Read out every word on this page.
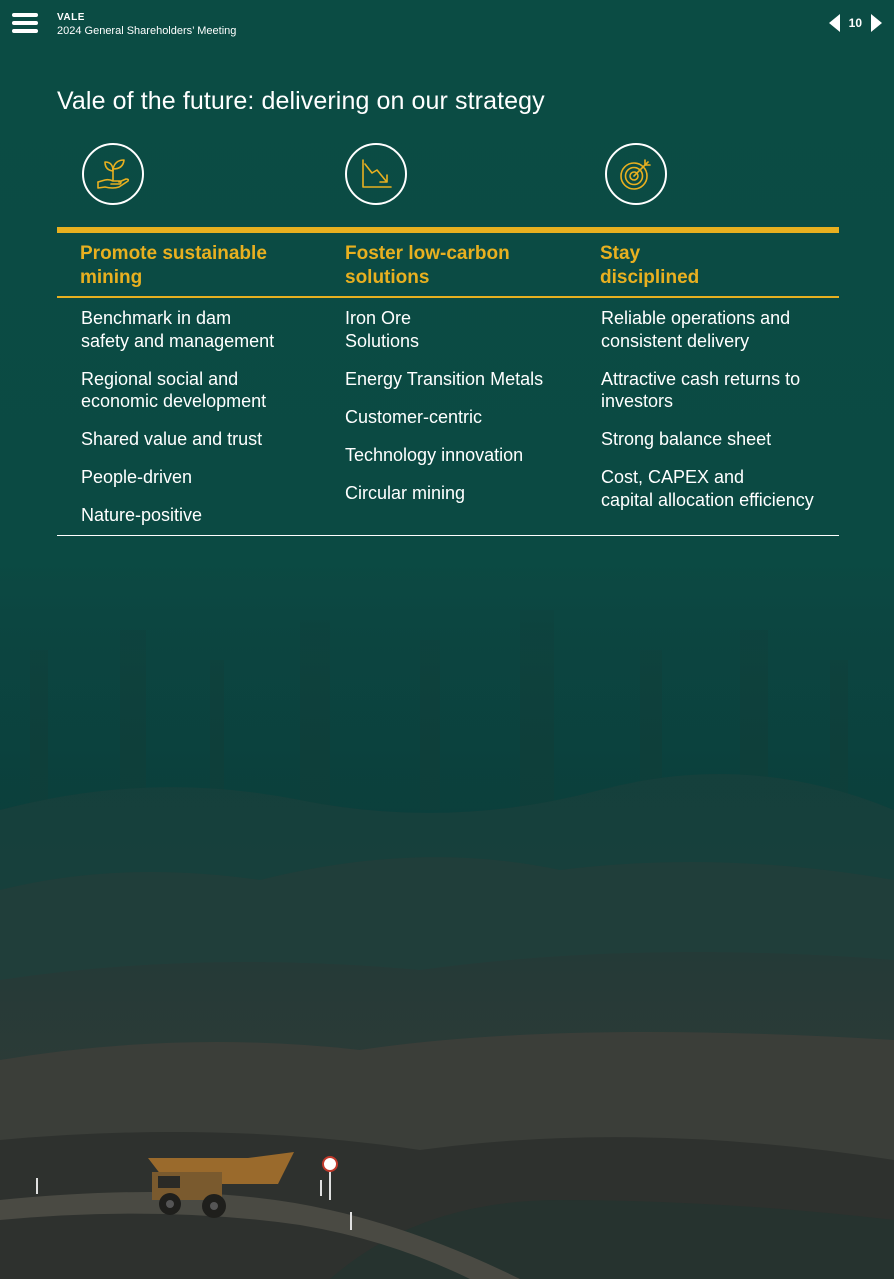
VALE
2024 General Shareholders’ Meeting
10
Vale of the future: delivering on our strategy
Promote sustainable
mining
Foster low-carbon
solutions
Stay
disciplined
Benchmark in dam
safety and management
Regional social and
economic development
Shared value and trust
People-driven
Nature-positive
Iron Ore
Solutions
Energy Transition Metals
Customer-centric
Technology innovation
Circular mining
Reliable operations and
consistent delivery
Attractive cash returns to
investors
Strong balance sheet
Cost, CAPEX and
capital allocation efficiency
